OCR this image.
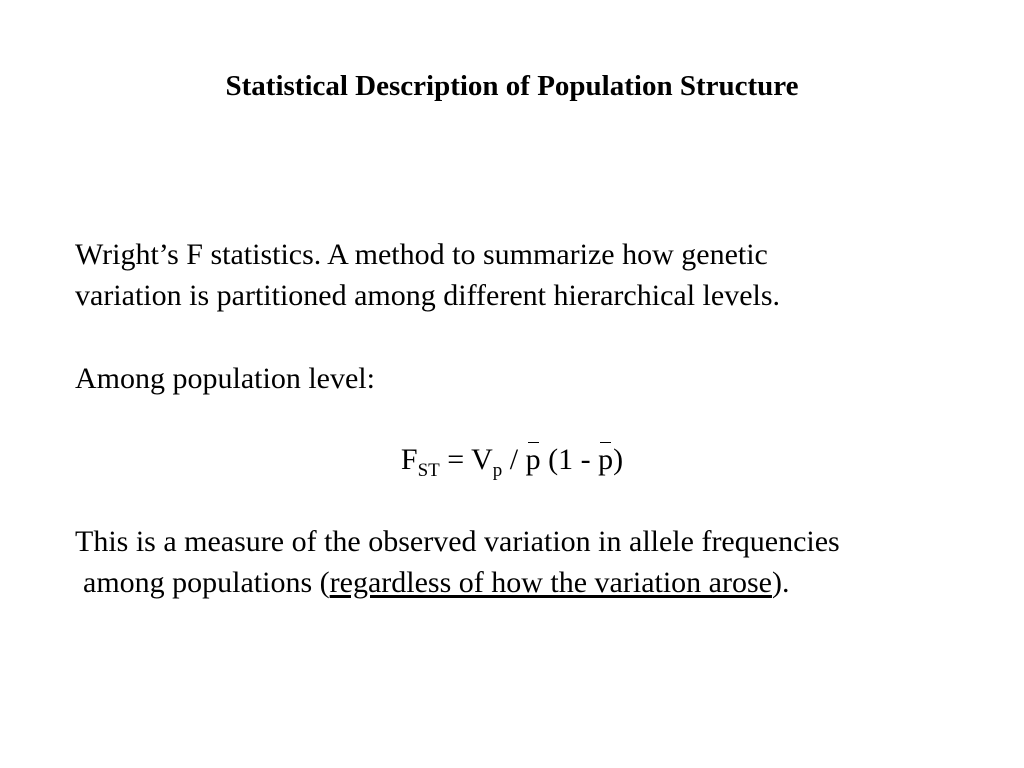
Statistical Description of Population Structure
Wright’s F statistics. A method to summarize how genetic
variation is partitioned among different hierarchical levels.
Among population level:
$F_{ST} = V_p / p$ (1 - p)
This is a measure of the observed variation in allele frequencies
among populations (regardless of how the variation arose).
